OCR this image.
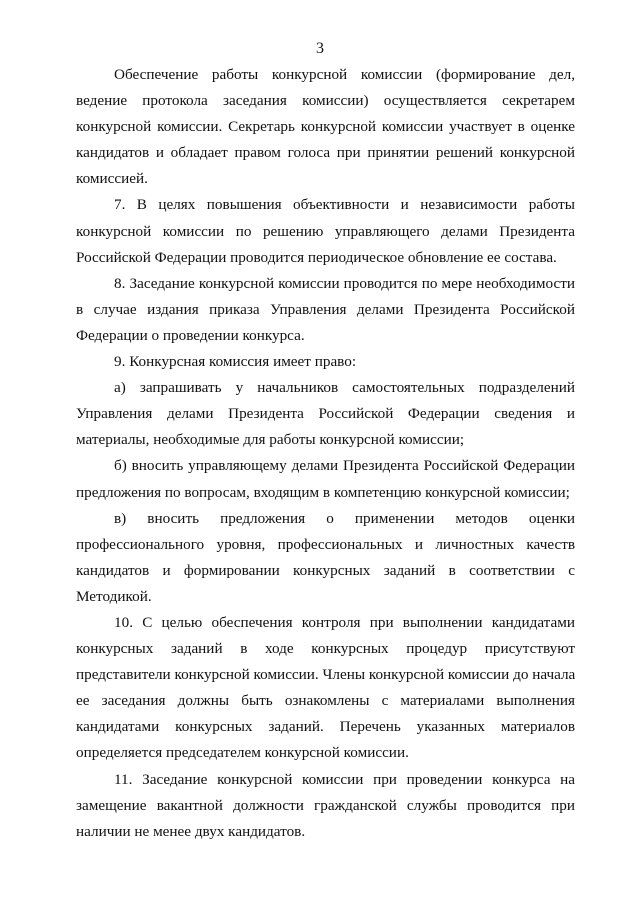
3
Обеспечение работы конкурсной комиссии (формирование дел,
ведение протокола заседания комиссии) осуществляется секретарем
конкурсной комиссии. Секретарь конкурсной комиссии участвует в оценке
кандидатов и обладает правом голоса при принятии решений конкурсной
комиссией.
7. В целях повышения объективности и независимости работы
конкурсной комиссии по решению управляющего делами Президента
Российской Федерации проводится периодическое обновление ее состава.
8. Заседание конкурсной комиссии проводится по мере необходимости
в случае издания приказа Управления делами Президента Российской
Федерации о проведении конкурса.
9. Конкурсная комиссия имеет право:
а) запрашивать у начальников самостоятельных подразделений
Управления делами Президента Российской Федерации сведения и
материалы, необходимые для работы конкурсной комиссии;
б) вносить управляющему делами Президента Российской Федерации
предложения по вопросам, входящим в компетенцию конкурсной комиссии;
в) вносить предложения о применении методов оценки
профессионального уровня, профессиональных и личностных качеств
кандидатов и формировании конкурсных заданий в соответствии с
Методикой.
10. С целью обеспечения контроля при выполнении кандидатами
конкурсных заданий в ходе конкурсных процедур присутствуют
представители конкурсной комиссии. Члены конкурсной комиссии до начала
ее заседания должны быть ознакомлены с материалами выполнения
кандидатами конкурсных заданий. Перечень указанных материалов
определяется председателем конкурсной комиссии.
11. Заседание конкурсной комиссии при проведении конкурса на
замещение вакантной должности гражданской службы проводится при
наличии не менее двух кандидатов.
